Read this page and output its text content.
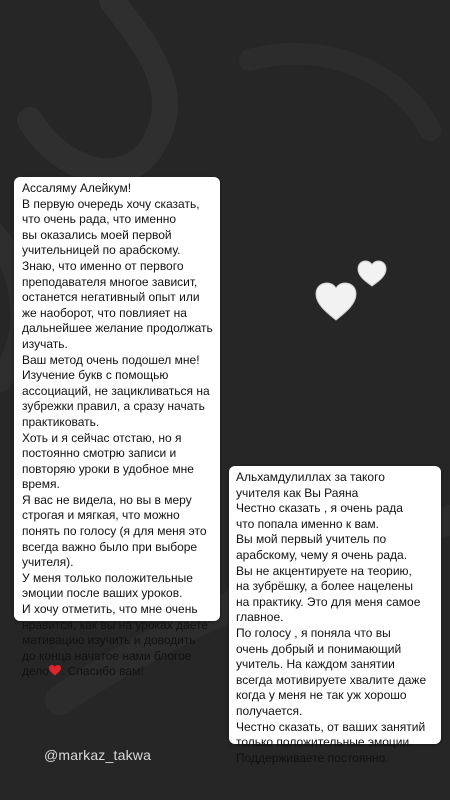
Ассаляму Алейкум!
В первую очередь хочу сказать,
что очень рада, что именно
вы оказались моей первой
учительницей по арабскому.
Знаю, что именно от первого
преподавателя многое зависит,
останется негативный опыт или
же наоборот, что повлияет на
дальнейшее желание продолжать
изучать.
Ваш метод очень подошел мне!
Изучение букв с помощью
ассоциаций, не зацикливаться на
зубрежки правил, а сразу начать
практиковать.
Хоть и я сейчас отстаю, но я
постоянно смотрю записи и
повторяю уроки в удобное мне
время.
Я вас не видела, но вы в меру
строгая и мягкая, что можно
понять по голосу (я для меня это
всегда важно было при выборе
учителя).
У меня только положительные
эмоции после ваших уроков.
И хочу отметить, что мне очень
нравится, как вы на уроках даете
мативацию изучить и доводить
до конца начатое нами блогое
дело . Спасибо вам!
Альхамдулиллах за такого
учителя как Вы Раяна
Честно сказать , я очень рада
что попала именно к вам.
Вы мой первый учитель по
арабскому, чему я очень рада.
Вы не акцентируете на теорию,
на зубрёшку, а более нацелены
на практику. Это для меня самое
главное.
По голосу , я поняла что вы
очень добрый и понимающий
учитель. На каждом занятии
всегда мотивируете хвалите даже
когда у меня не так уж хорошо
получается.
Честно сказать, от ваших занятий
только положительные эмоции.
Поддерживаете постоянно.
@markaz_takwa
